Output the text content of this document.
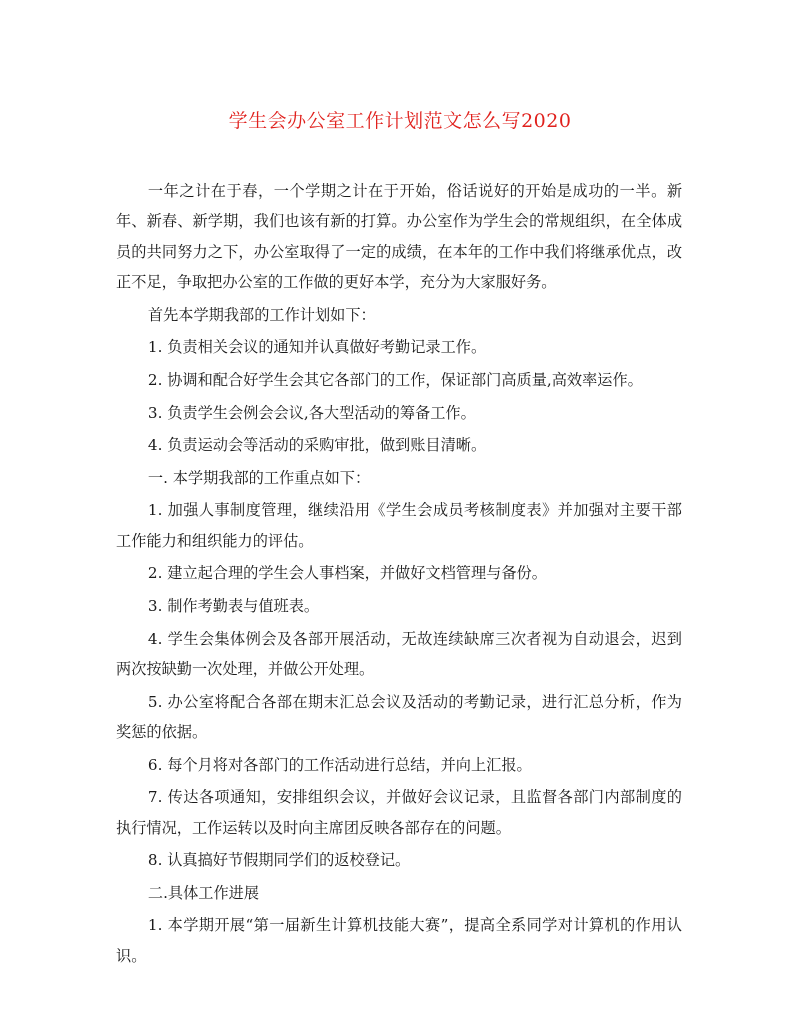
学生会办公室工作计划范文怎么写2020

一年之计在于春，一个学期之计在于开始，俗话说好的开始是成功的一半。新年、新春、新学期，我们也该有新的打算。办公室作为学生会的常规组织，在全体成员的共同努力之下，办公室取得了一定的成绩，在本年的工作中我们将继承优点，改正不足，争取把办公室的工作做的更好本学，充分为大家服好务。

首先本学期我部的工作计划如下：

1. 负责相关会议的通知并认真做好考勤记录工作。

2. 协调和配合好学生会其它各部门的工作，保证部门高质量,高效率运作。

3. 负责学生会例会会议,各大型活动的筹备工作。

4. 负责运动会等活动的采购审批，做到账目清晰。

一. 本学期我部的工作重点如下：

1. 加强人事制度管理，继续沿用《学生会成员考核制度表》并加强对主要干部工作能力和组织能力的评估。

2. 建立起合理的学生会人事档案，并做好文档管理与备份。

3. 制作考勤表与值班表。

4. 学生会集体例会及各部开展活动，无故连续缺席三次者视为自动退会，迟到两次按缺勤一次处理，并做公开处理。

5. 办公室将配合各部在期末汇总会议及活动的考勤记录，进行汇总分析，作为奖惩的依据。

6. 每个月将对各部门的工作活动进行总结，并向上汇报。

7. 传达各项通知，安排组织会议，并做好会议记录，且监督各部门内部制度的执行情况，工作运转以及时向主席团反映各部存在的问题。

8. 认真搞好节假期同学们的返校登记。

二.具体工作进展

1. 本学期开展“第一届新生计算机技能大赛”，提高全系同学对计算机的作用认识。
